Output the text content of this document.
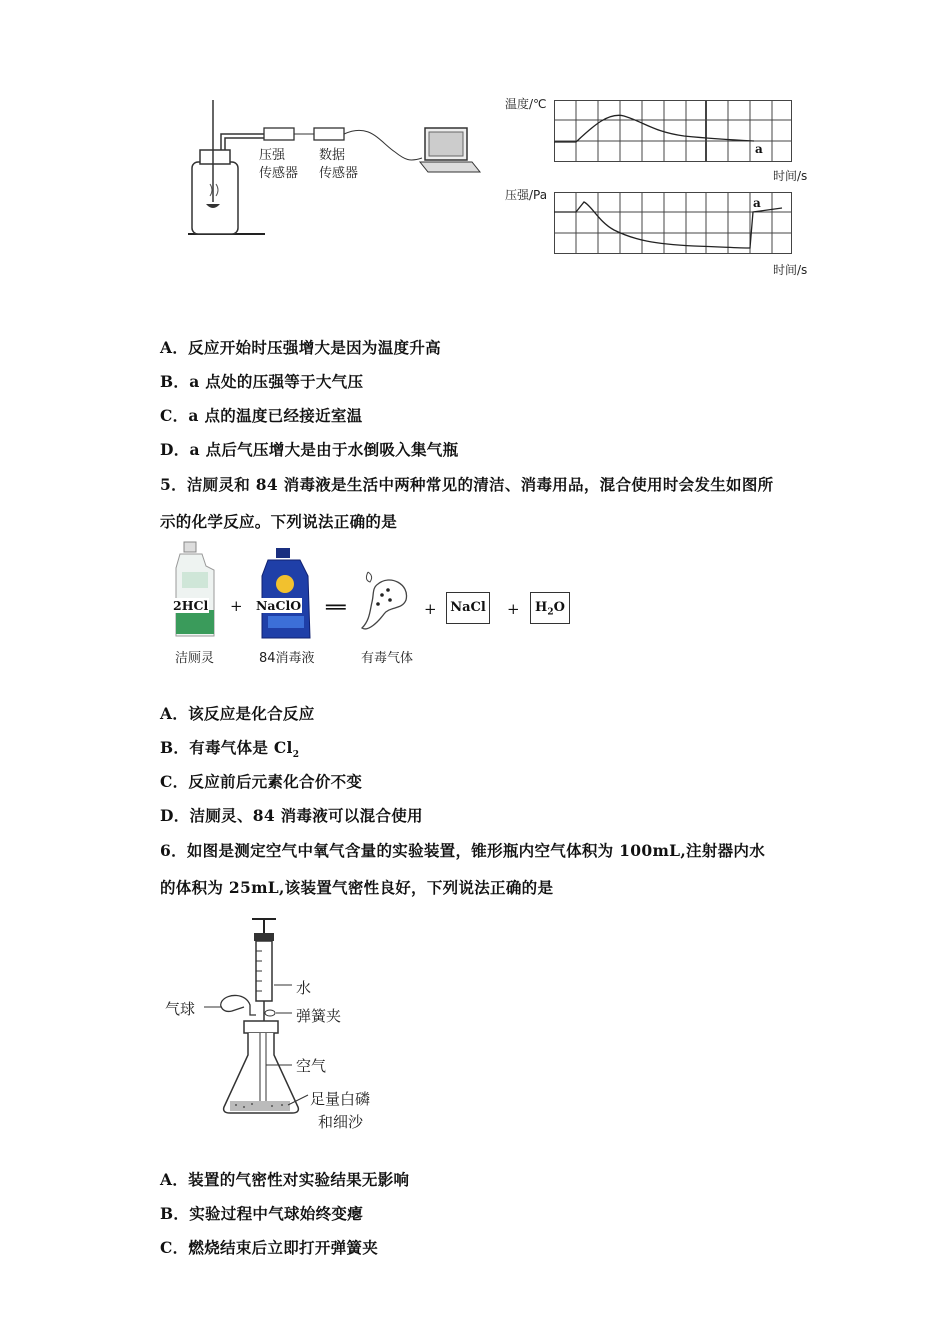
压强
传感器
数据
传感器
温度/℃
a
时间/s
压强/Pa
a
时间/s
A．反应开始时压强增大是因为温度升高
B．a 点处的压强等于大气压
C．a 点的温度已经接近室温
D．a 点后气压增大是由于水倒吸入集气瓶
5．洁厕灵和 84 消毒液是生活中两种常见的清洁、消毒用品，混合使用时会发生如图所
示的化学反应。下列说法正确的是
2HCl
洁厕灵
+ NaClO
84消毒液
═
有毒气体
+	NaCl +	$H_2O$
A．该反应是化合反应
B．有毒气体是 $Cl_2$
C．反应前后元素化合价不变
D．洁厕灵、84 消毒液可以混合使用
6．如图是测定空气中氧气含量的实验装置，锥形瓶内空气体积为 100mL,注射器内水
的体积为 25mL,该装置气密性良好，下列说法正确的是
气球
水
弹簧夹
空气
足量白磷
和细沙
A．装置的气密性对实验结果无影响
B．实验过程中气球始终变瘪
C．燃烧结束后立即打开弹簧夹
